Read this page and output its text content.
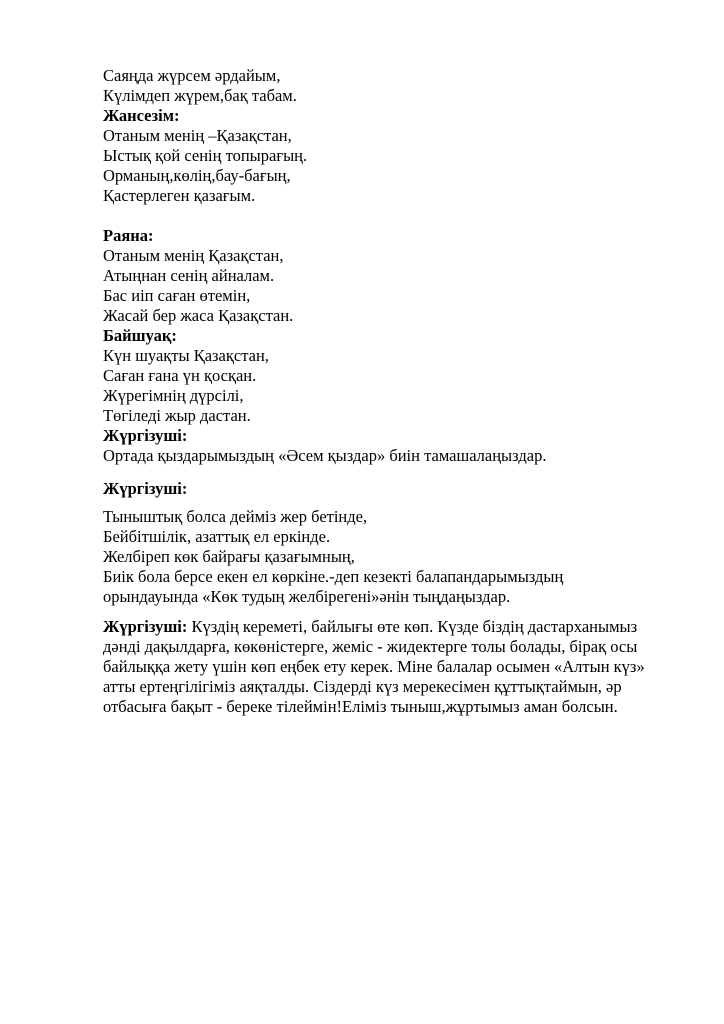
Саяңда жүрсем әрдайым,
Күлімдеп жүрем,бақ табам.
Жансезім:
Отаным менің –Қазақстан,
Ыстық қой сенің топырағың.
Орманың,көлің,бау-бағың,
Қастерлеген қазағым.
Раяна:
Отаным менің Қазақстан,
Атыңнан сенің айналам.
Бас иіп саған өтемін,
Жасай бер жаса Қазақстан.
Байшуақ:
Күн шуақты Қазақстан,
Саған ғана үн қосқан.
Жүрегімнің дүрсілі,
Төгіледі жыр дастан.
Жүргізуші:
Ортада қыздарымыздың «Әсем қыздар» биін тамашалаңыздар.
Жүргізуші:
Тыныштық болса дейміз жер бетінде,
Бейбітшілік, азаттық ел еркінде.
Желбіреп көк байрағы қазағымның,
Биік бола берсе екен ел көркіне.-деп кезекті балапандарымыздың
орындауында «Көк тудың желбірегені»әнін тыңдаңыздар.
Жүргізуші: Күздің кереметі, байлығы өте көп. Күзде біздің дастарханымыз
дәнді дақылдарға, көкөністерге, жеміс - жидектерге толы болады, бірақ осы
байлыққа жету үшін көп еңбек ету керек. Міне балалар осымен «Алтын күз»
атты ертеңгілігіміз аяқталды. Сіздерді күз мерекесімен құттықтаймын, әр
отбасыға бақыт - береке тілеймін!Еліміз тыныш,жұртымыз аман болсын.
